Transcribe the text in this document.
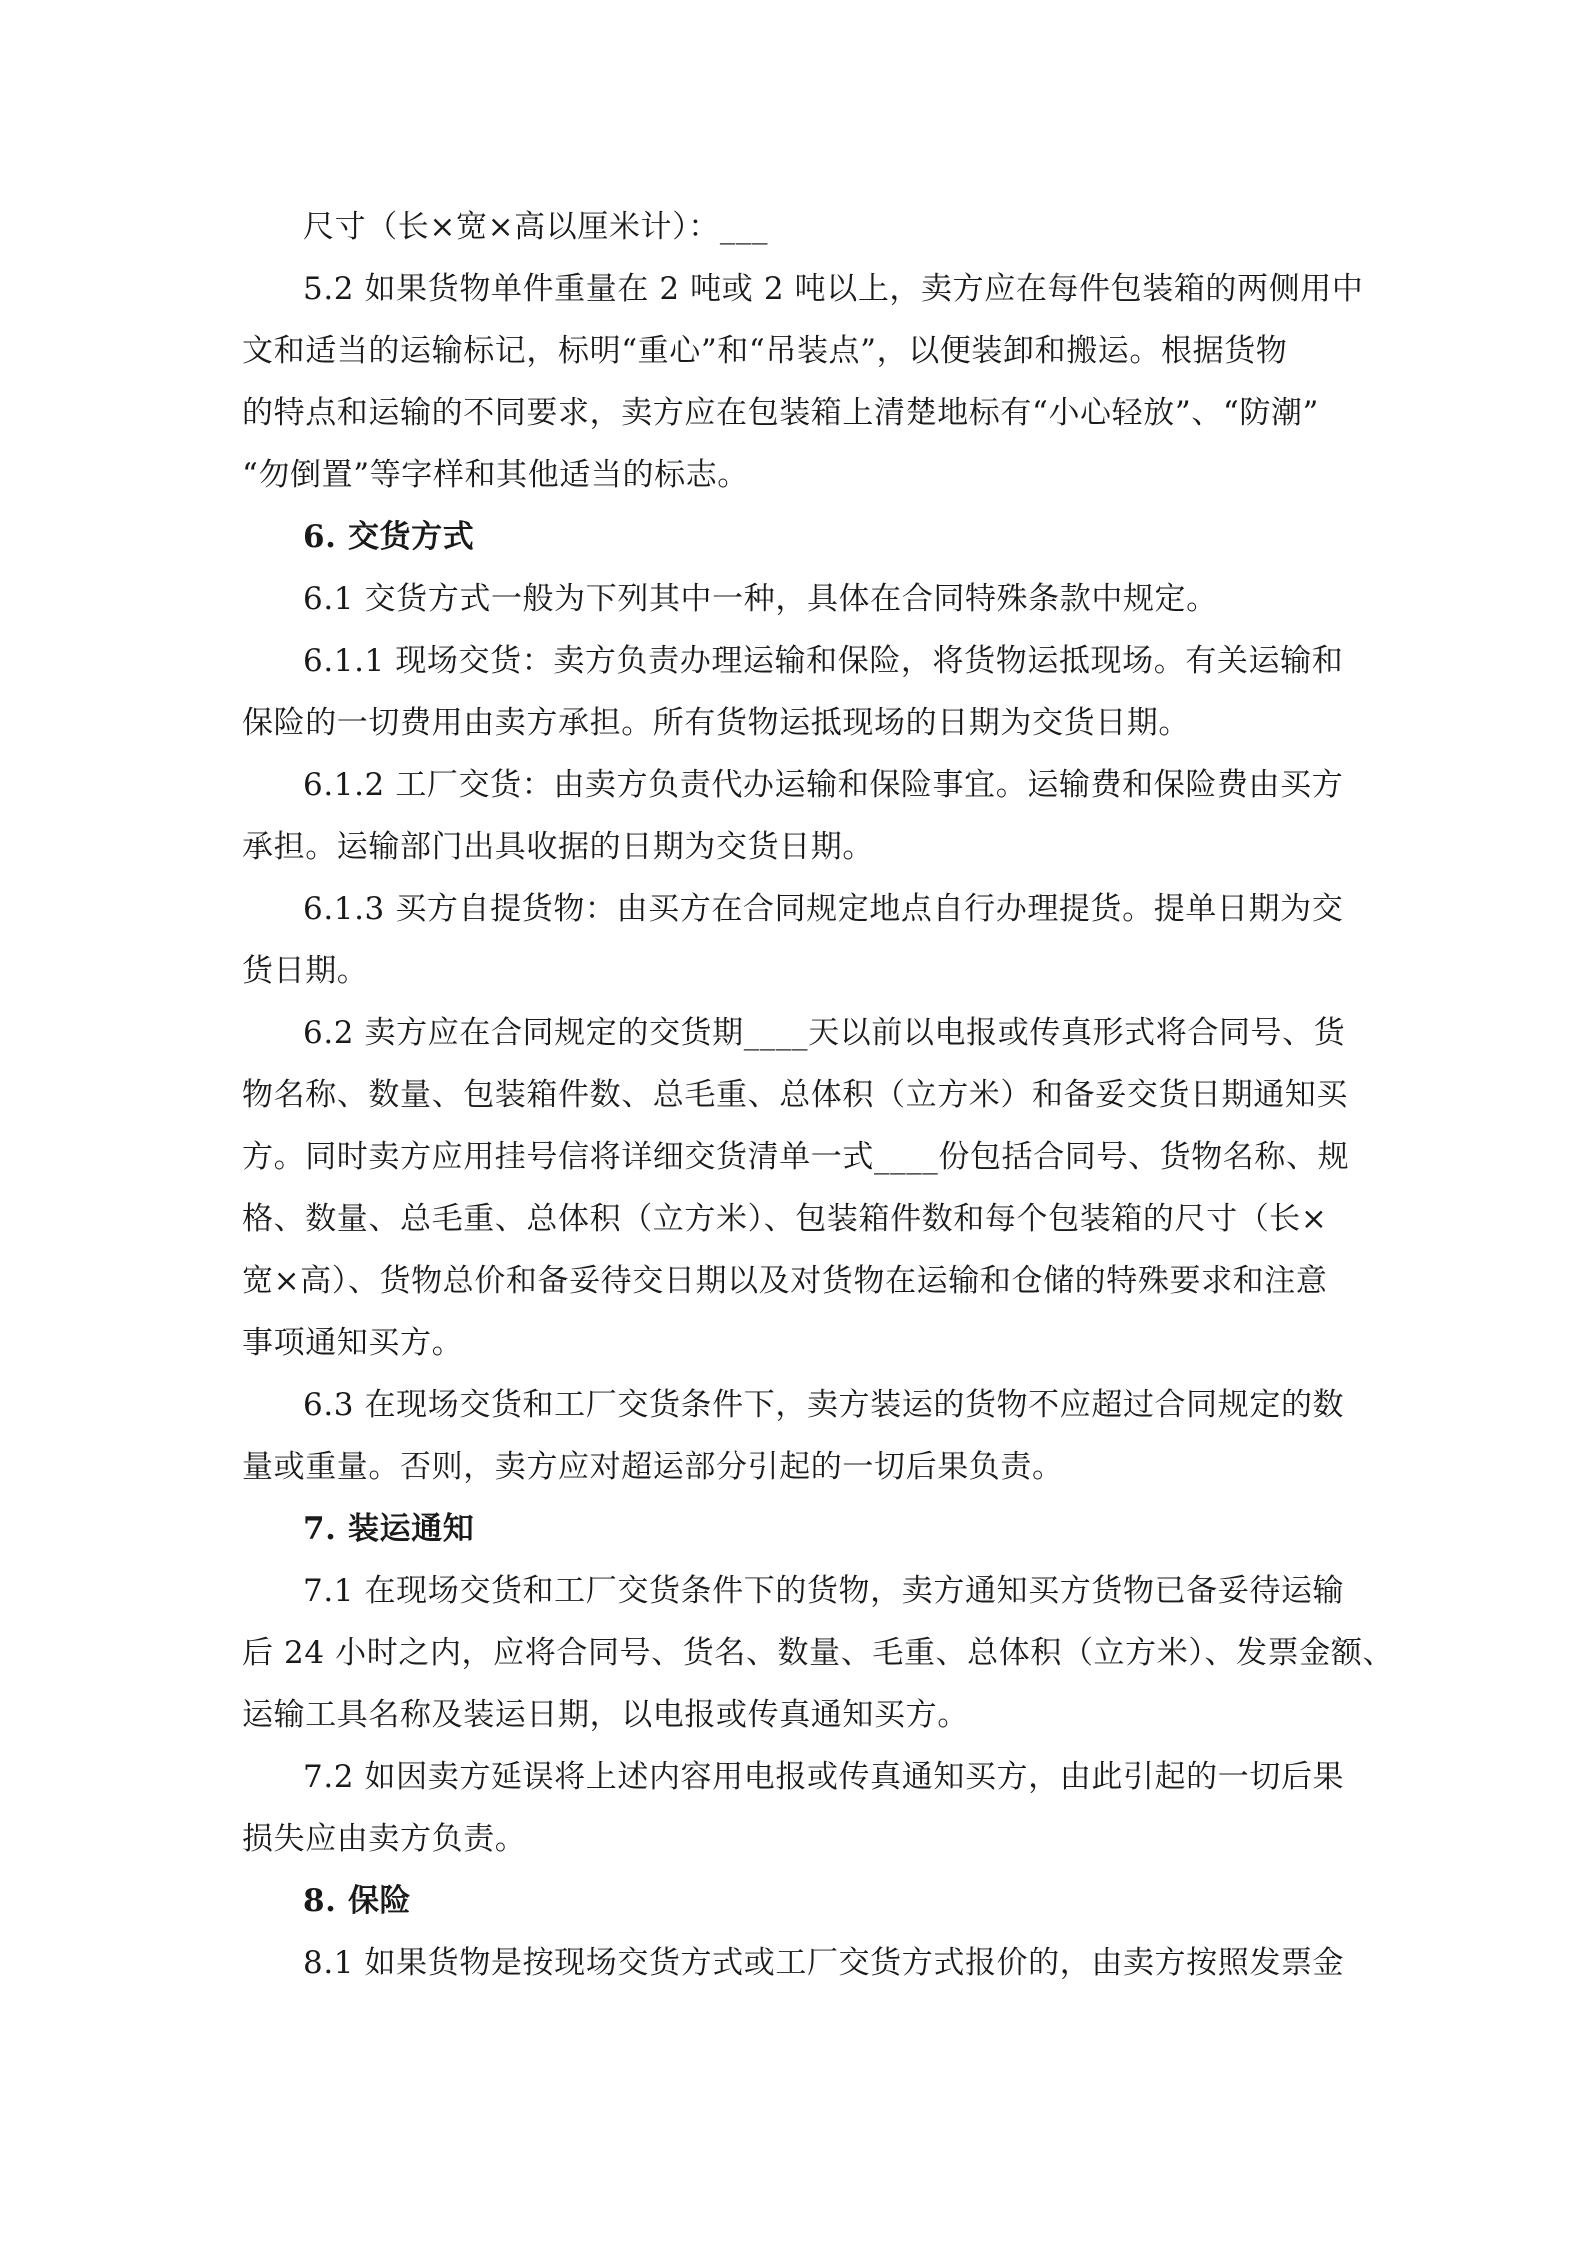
尺寸（长×宽×高以厘米计）：___
5.2 如果货物单件重量在 2 吨或 2 吨以上，卖方应在每件包装箱的两侧用中
文和适当的运输标记，标明“重心”和“吊装点”，以便装卸和搬运。根据货物
的特点和运输的不同要求，卖方应在包装箱上清楚地标有“小心轻放”、“防潮”
“勿倒置”等字样和其他适当的标志。
6. 交货方式
6.1 交货方式一般为下列其中一种，具体在合同特殊条款中规定。
6.1.1 现场交货：卖方负责办理运输和保险，将货物运抵现场。有关运输和
保险的一切费用由卖方承担。所有货物运抵现场的日期为交货日期。
6.1.2 工厂交货：由卖方负责代办运输和保险事宜。运输费和保险费由买方
承担。运输部门出具收据的日期为交货日期。
6.1.3 买方自提货物：由买方在合同规定地点自行办理提货。提单日期为交
货日期。
6.2 卖方应在合同规定的交货期____天以前以电报或传真形式将合同号、货
物名称、数量、包装箱件数、总毛重、总体积（立方米）和备妥交货日期通知买
方。同时卖方应用挂号信将详细交货清单一式____份包括合同号、货物名称、规
格、数量、总毛重、总体积（立方米）、包装箱件数和每个包装箱的尺寸（长×
宽×高）、货物总价和备妥待交日期以及对货物在运输和仓储的特殊要求和注意
事项通知买方。
6.3 在现场交货和工厂交货条件下，卖方装运的货物不应超过合同规定的数
量或重量。否则，卖方应对超运部分引起的一切后果负责。
7. 装运通知
7.1 在现场交货和工厂交货条件下的货物，卖方通知买方货物已备妥待运输
后 24 小时之内，应将合同号、货名、数量、毛重、总体积（立方米）、发票金额、
运输工具名称及装运日期，以电报或传真通知买方。
7.2 如因卖方延误将上述内容用电报或传真通知买方，由此引起的一切后果
损失应由卖方负责。
8. 保险
8.1 如果货物是按现场交货方式或工厂交货方式报价的，由卖方按照发票金
